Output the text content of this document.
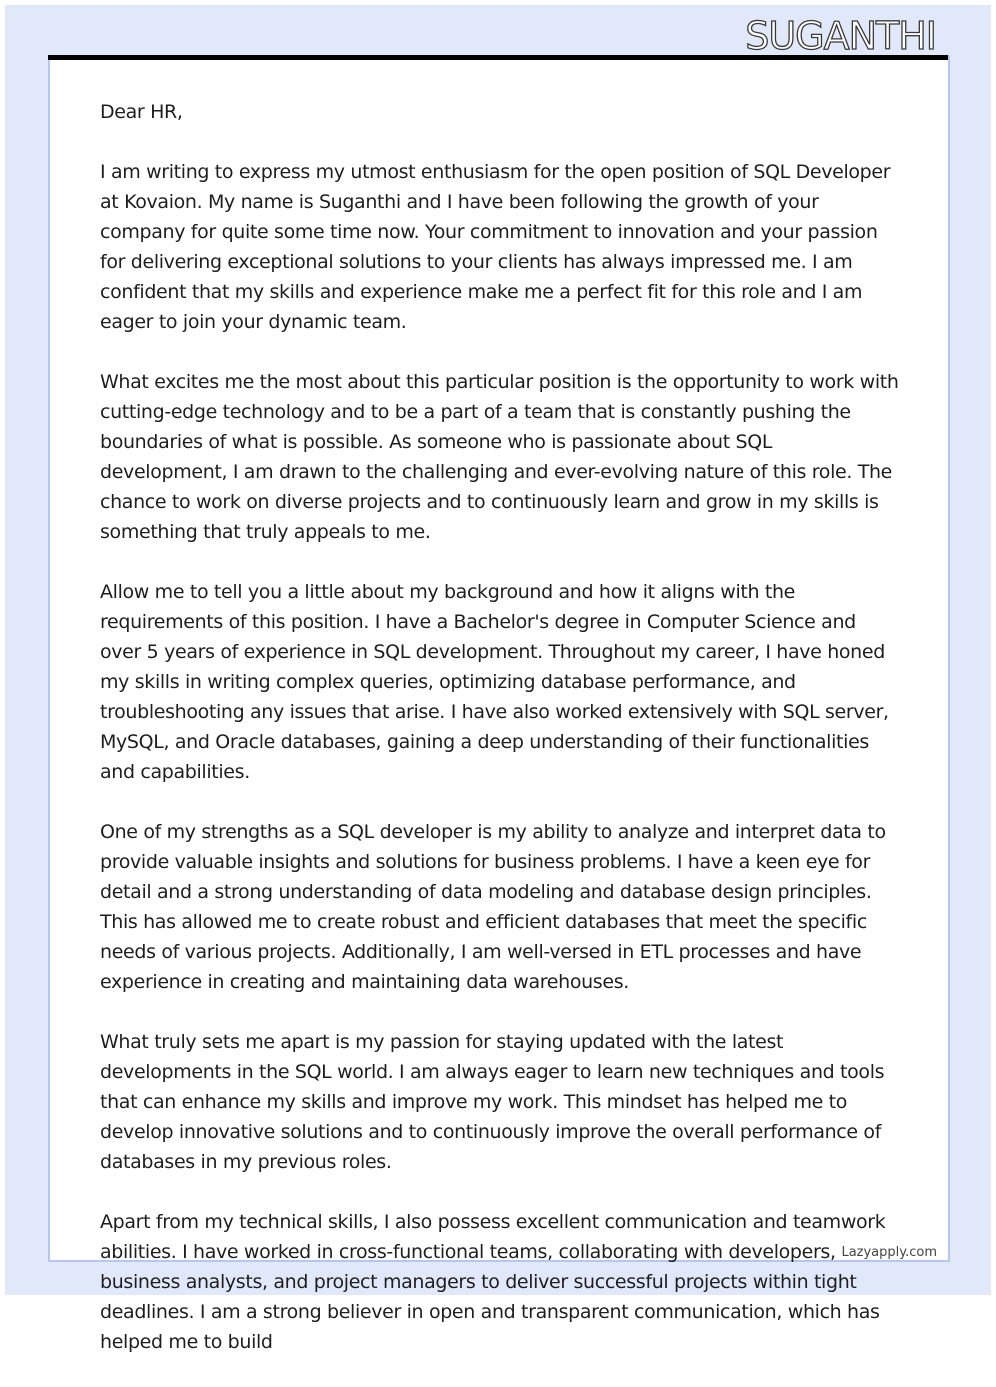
SUGANTHI

Dear HR,

I am writing to express my utmost enthusiasm for the open position of SQL Developer at Kovaion. My name is Suganthi and I have been following the growth of your company for quite some time now. Your commitment to innovation and your passion for delivering exceptional solutions to your clients has always impressed me. I am confident that my skills and experience make me a perfect fit for this role and I am eager to join your dynamic team.

What excites me the most about this particular position is the opportunity to work with cutting-edge technology and to be a part of a team that is constantly pushing the boundaries of what is possible. As someone who is passionate about SQL development, I am drawn to the challenging and ever-evolving nature of this role. The chance to work on diverse projects and to continuously learn and grow in my skills is something that truly appeals to me.

Allow me to tell you a little about my background and how it aligns with the requirements of this position. I have a Bachelor's degree in Computer Science and over 5 years of experience in SQL development. Throughout my career, I have honed my skills in writing complex queries, optimizing database performance, and troubleshooting any issues that arise. I have also worked extensively with SQL server, MySQL, and Oracle databases, gaining a deep understanding of their functionalities and capabilities.

One of my strengths as a SQL developer is my ability to analyze and interpret data to provide valuable insights and solutions for business problems. I have a keen eye for detail and a strong understanding of data modeling and database design principles. This has allowed me to create robust and efficient databases that meet the specific needs of various projects. Additionally, I am well-versed in ETL processes and have experience in creating and maintaining data warehouses.

What truly sets me apart is my passion for staying updated with the latest developments in the SQL world. I am always eager to learn new techniques and tools that can enhance my skills and improve my work. This mindset has helped me to develop innovative solutions and to continuously improve the overall performance of databases in my previous roles.

Apart from my technical skills, I also possess excellent communication and teamwork abilities. I have worked in cross-functional teams, collaborating with developers, business analysts, and project managers to deliver successful projects within tight deadlines. I am a strong believer in open and transparent communication, which has helped me to build

Lazyapply.com
